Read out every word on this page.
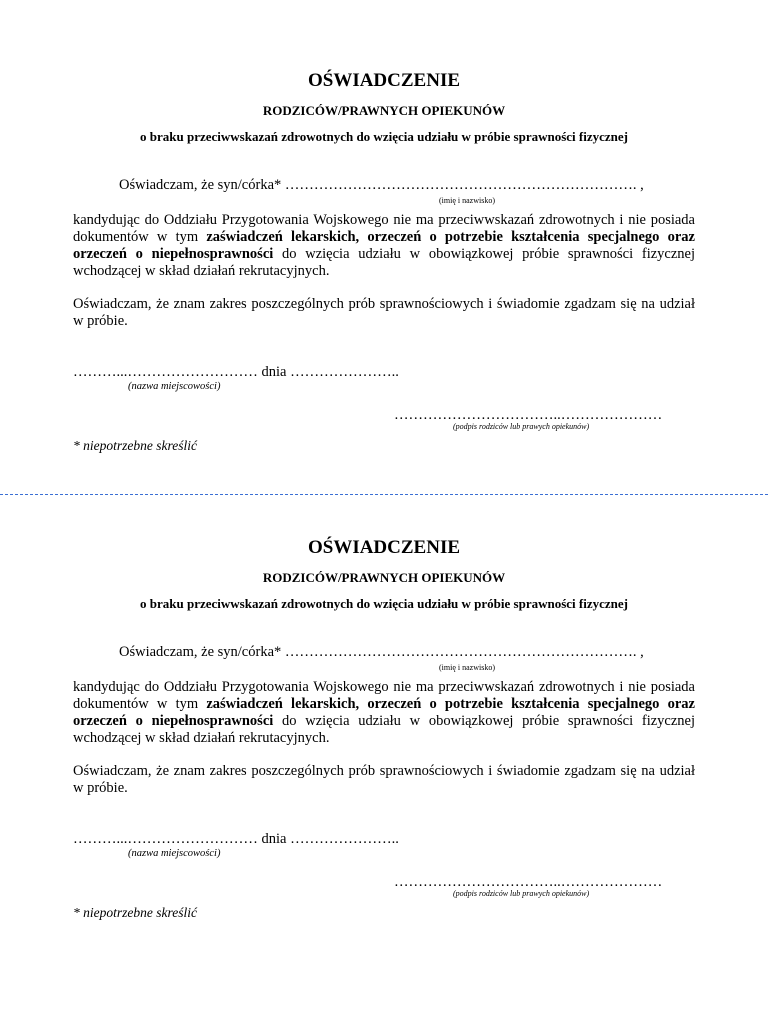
OŚWIADCZENIE
RODZICÓW/PRAWNYCH OPIEKUNÓW
o braku przeciwwskazań zdrowotnych do wzięcia udziału w próbie sprawności fizycznej
Oświadczam, że syn/córka* ………………………………………………………………. ,
(imię i nazwisko)

kandydując do Oddziału Przygotowania Wojskowego nie ma przeciwwskazań zdrowotnych i nie posiada dokumentów w tym zaświadczeń lekarskich, orzeczeń o potrzebie kształcenia specjalnego oraz orzeczeń o niepełnosprawności do wzięcia udziału w obowiązkowej próbie sprawności fizycznej wchodzącej w skład działań rekrutacyjnych.

Oświadczam, że znam zakres poszczególnych prób sprawnościowych i świadomie zgadzam się na udział w próbie.

………...……………………… dnia …………………..
(nazwa miejscowości)
……………………………..…………………
(podpis rodziców lub prawych opiekunów)
* niepotrzebne skreślić
OŚWIADCZENIE
RODZICÓW/PRAWNYCH OPIEKUNÓW
o braku przeciwwskazań zdrowotnych do wzięcia udziału w próbie sprawności fizycznej
Oświadczam, że syn/córka* ………………………………………………………………. ,
(imię i nazwisko)

kandydując do Oddziału Przygotowania Wojskowego nie ma przeciwwskazań zdrowotnych i nie posiada dokumentów w tym zaświadczeń lekarskich, orzeczeń o potrzebie kształcenia specjalnego oraz orzeczeń o niepełnosprawności do wzięcia udziału w obowiązkowej próbie sprawności fizycznej wchodzącej w skład działań rekrutacyjnych.

Oświadczam, że znam zakres poszczególnych prób sprawnościowych i świadomie zgadzam się na udział w próbie.

………...……………………… dnia …………………..
(nazwa miejscowości)
……………………………..…………………
(podpis rodziców lub prawych opiekunów)
* niepotrzebne skreślić
